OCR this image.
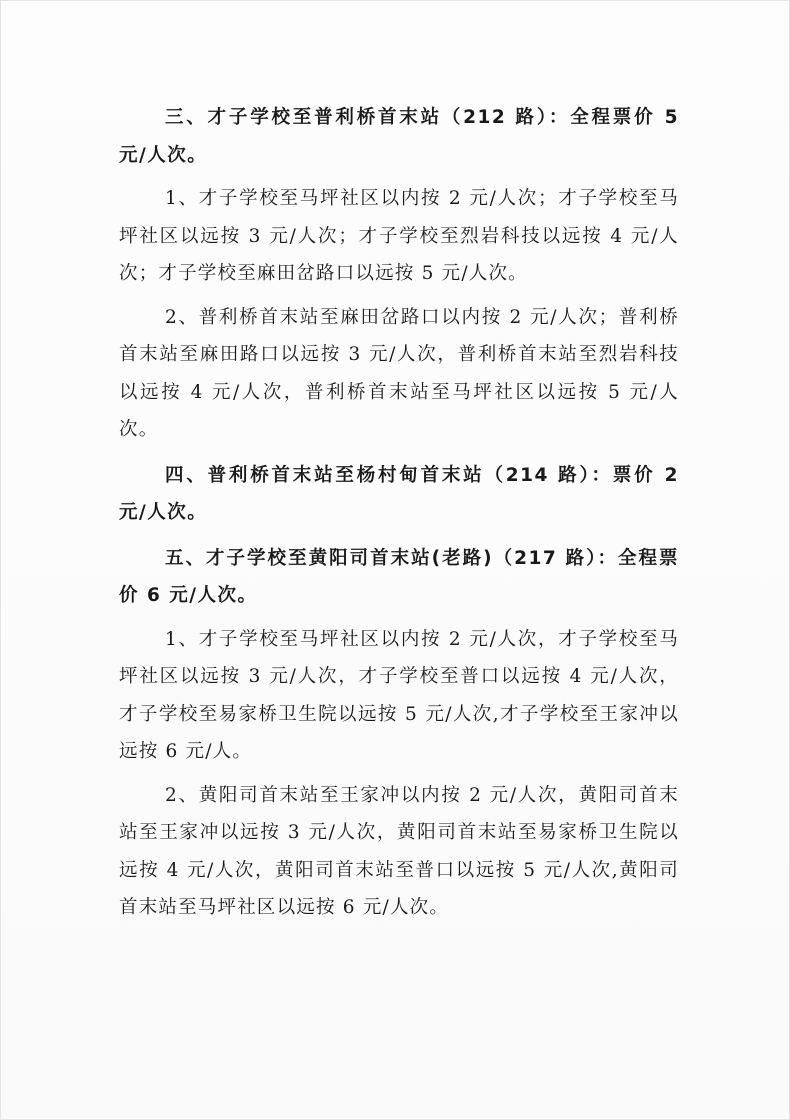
三、才子学校至普利桥首末站（212 路）：全程票价 5 元/人次。

1、才子学校至马坪社区以内按 2 元/人次；才子学校至马坪社区以远按 3 元/人次；才子学校至烈岩科技以远按 4 元/人次；才子学校至麻田岔路口以远按 5 元/人次。

2、普利桥首末站至麻田岔路口以内按 2 元/人次；普利桥首末站至麻田路口以远按 3 元/人次，普利桥首末站至烈岩科技以远按 4 元/人次，普利桥首末站至马坪社区以远按 5 元/人次。

四、普利桥首末站至杨村甸首末站（214 路）：票价 2 元/人次。

五、才子学校至黄阳司首末站(老路)（217 路）：全程票价 6 元/人次。

1、才子学校至马坪社区以内按 2 元/人次，才子学校至马坪社区以远按 3 元/人次，才子学校至普口以远按 4 元/人次，才子学校至易家桥卫生院以远按 5 元/人次,才子学校至王家冲以远按 6 元/人。

2、黄阳司首末站至王家冲以内按 2 元/人次，黄阳司首末站至王家冲以远按 3 元/人次，黄阳司首末站至易家桥卫生院以远按 4 元/人次，黄阳司首末站至普口以远按 5 元/人次,黄阳司首末站至马坪社区以远按 6 元/人次。
